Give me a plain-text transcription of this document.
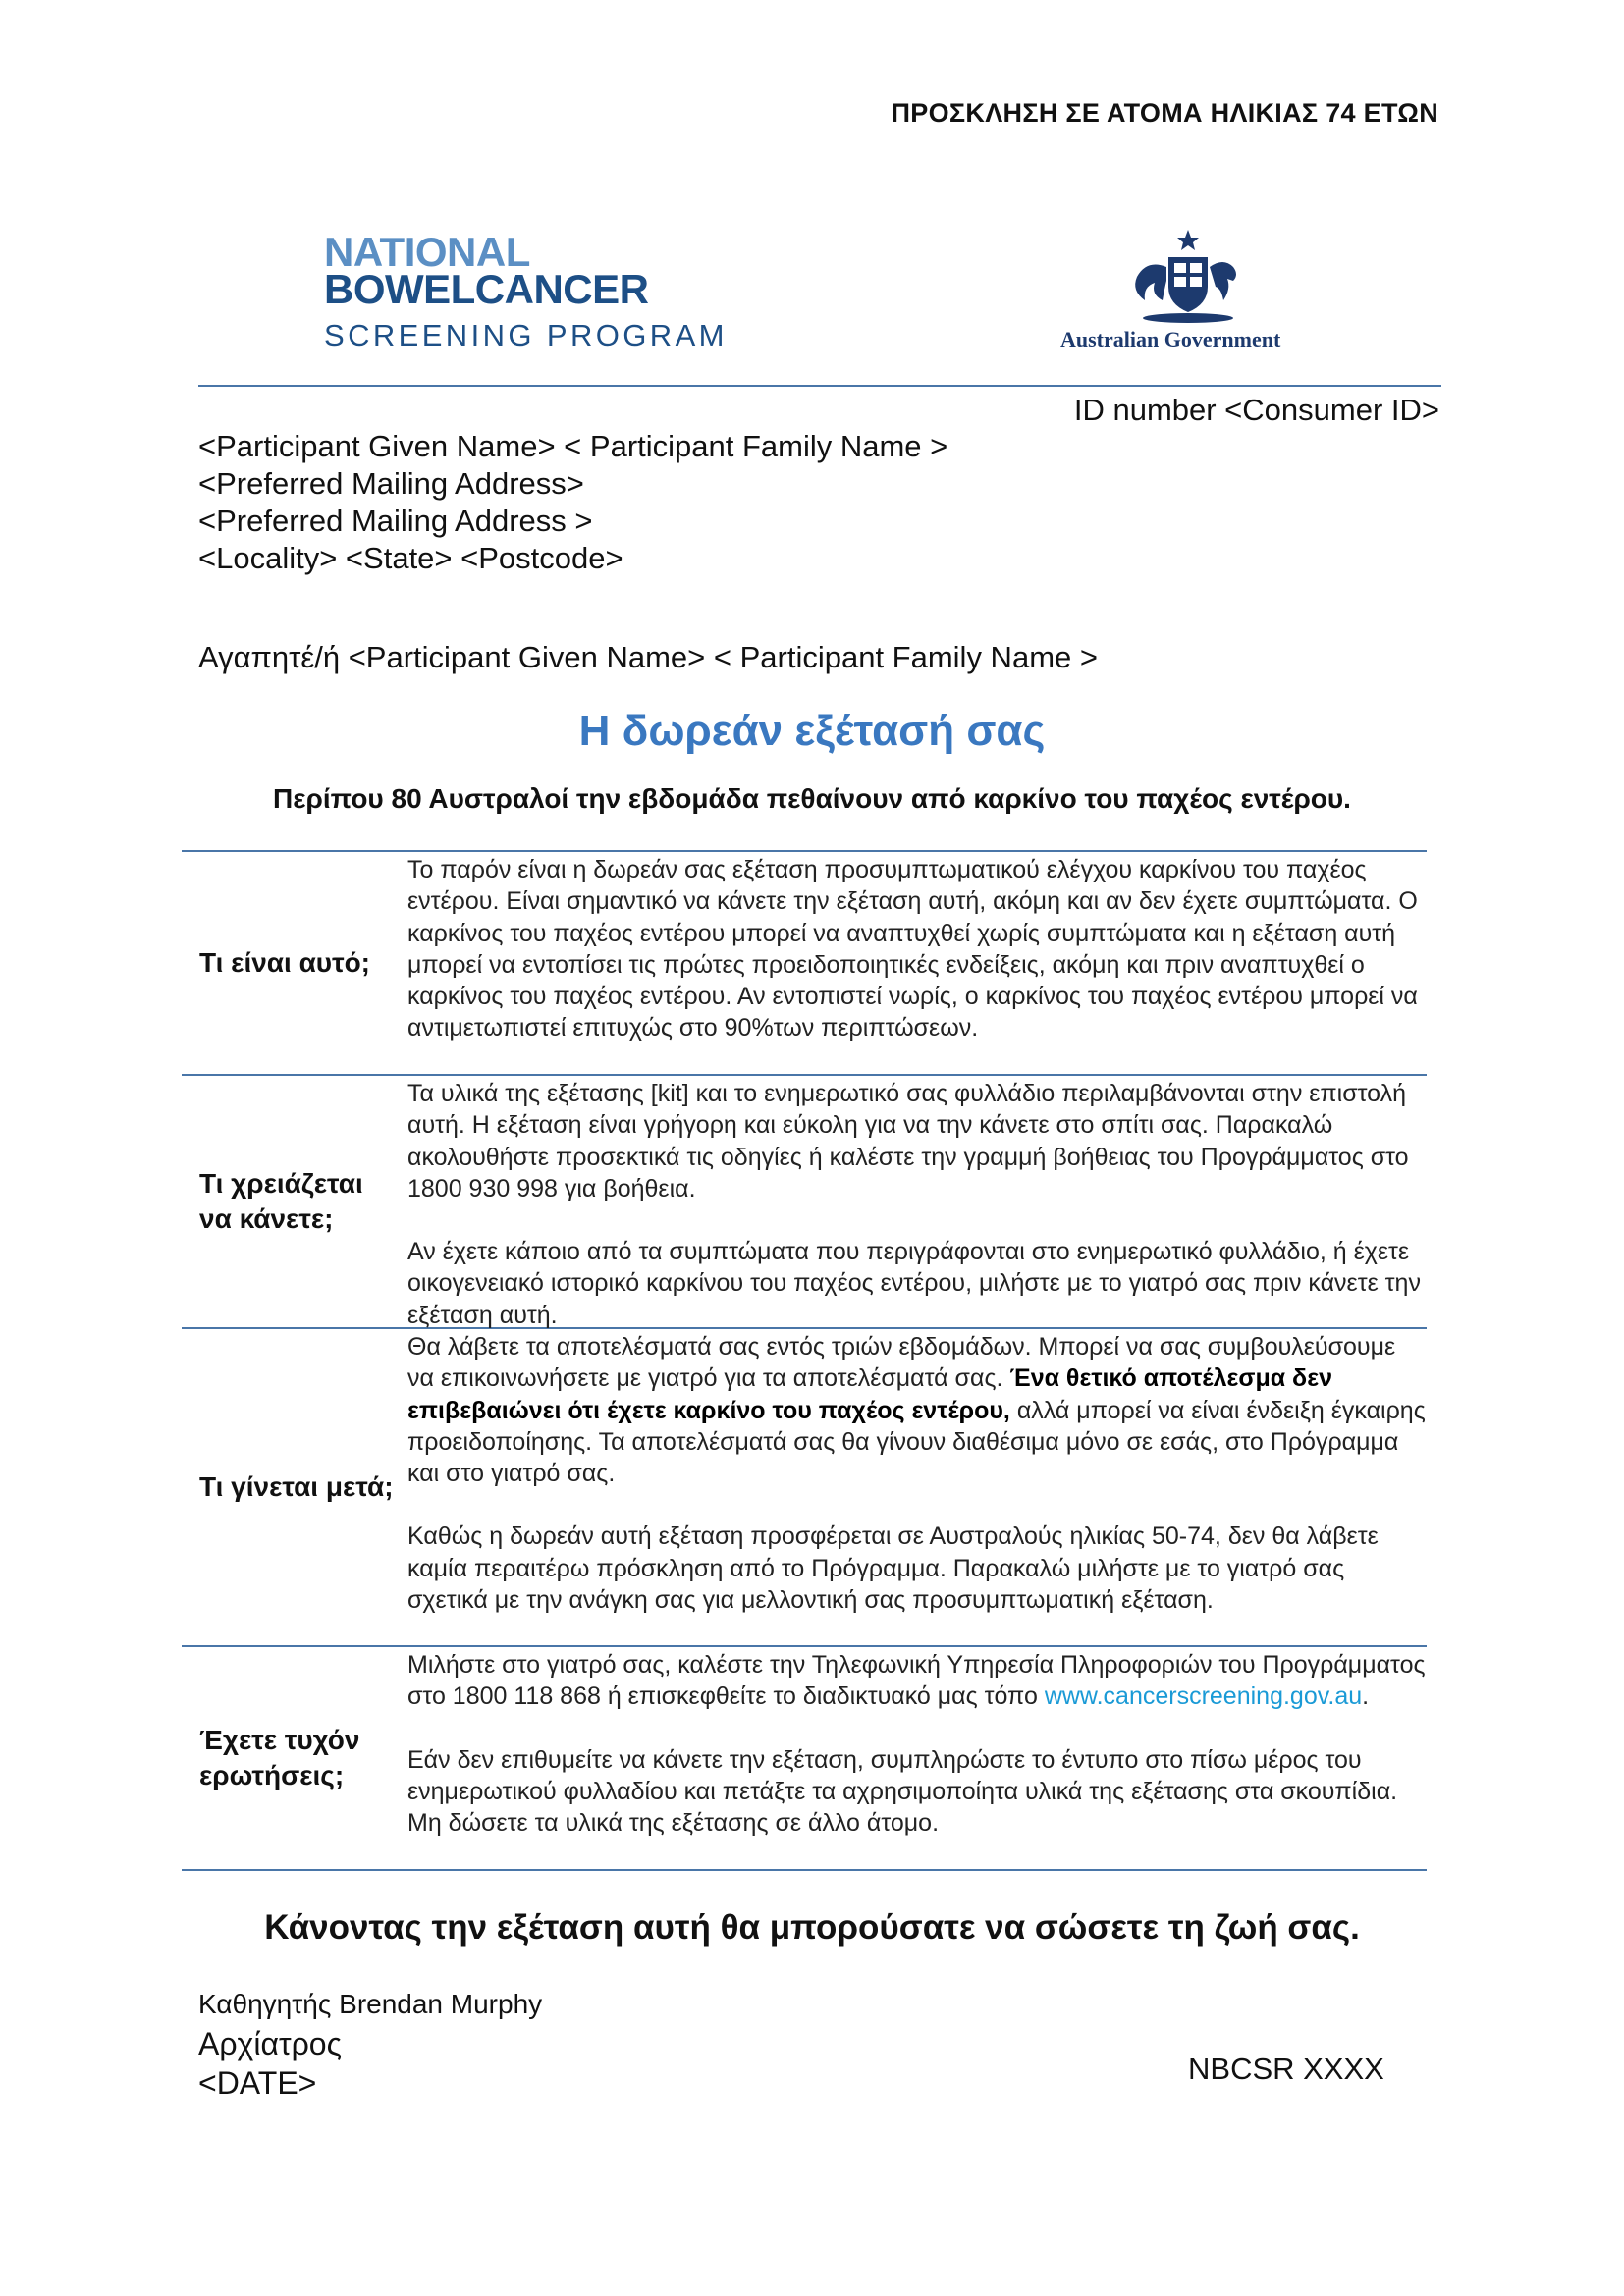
ΠΡΟΣΚΛΗΣΗ ΣΕ ΑΤΟΜΑ ΗΛΙΚΙΑΣ 74 ΕΤΩΝ
NATIONAL
BOWELCANCER
SCREENING PROGRAM	Australian Government
ID number <Consumer ID>
<Participant Given Name> < Participant Family Name >
<Preferred Mailing Address>
<Preferred Mailing Address >
<Locality> <State> <Postcode>
Αγαπητέ/ή <Participant Given Name> < Participant Family Name >
Η δωρεάν εξέτασή σας
Περίπου 80 Αυστραλοί την εβδομάδα πεθαίνουν από καρκίνο του παχέος εντέρου.
Τι είναι αυτό;

Το παρόν είναι η δωρεάν σας εξέταση προσυμπτωματικού ελέγχου καρκίνου του παχέος εντέρου. Είναι σημαντικό να κάνετε την εξέταση αυτή, ακόμη και αν δεν έχετε συμπτώματα. Ο καρκίνος του παχέος εντέρου μπορεί να αναπτυχθεί χωρίς συμπτώματα και η εξέταση αυτή μπορεί να εντοπίσει τις πρώτες προειδοποιητικές ενδείξεις, ακόμη και πριν αναπτυχθεί ο καρκίνος του παχέος εντέρου. Αν εντοπιστεί νωρίς, ο καρκίνος του παχέος εντέρου μπορεί να αντιμετωπιστεί επιτυχώς στο 90%των περιπτώσεων.

Τι χρειάζεται να κάνετε;

Τα υλικά της εξέτασης [kit] και το ενημερωτικό σας φυλλάδιο περιλαμβάνονται στην επιστολή αυτή. Η εξέταση είναι γρήγορη και εύκολη για να την κάνετε στο σπίτι σας. Παρακαλώ ακολουθήστε προσεκτικά τις οδηγίες ή καλέστε την γραμμή βοήθειας του Προγράμματος στο 1800 930 998 για βοήθεια.

Αν έχετε κάποιο από τα συμπτώματα που περιγράφονται στο ενημερωτικό φυλλάδιο, ή έχετε οικογενειακό ιστορικό καρκίνου του παχέος εντέρου, μιλήστε με το γιατρό σας πριν κάνετε την εξέταση αυτή.

Τι γίνεται μετά;

Θα λάβετε τα αποτελέσματά σας εντός τριών εβδομάδων. Μπορεί να σας συμβουλεύσουμε να επικοινωνήσετε με γιατρό για τα αποτελέσματά σας. Ένα θετικό αποτέλεσμα δεν επιβεβαιώνει ότι έχετε καρκίνο του παχέος εντέρου, αλλά μπορεί να είναι ένδειξη έγκαιρης προειδοποίησης. Τα αποτελέσματά σας θα γίνουν διαθέσιμα μόνο σε εσάς, στο Πρόγραμμα και στο γιατρό σας.

Καθώς η δωρεάν αυτή εξέταση προσφέρεται σε Αυστραλούς ηλικίας 50-74, δεν θα λάβετε καμία περαιτέρω πρόσκληση από το Πρόγραμμα. Παρακαλώ μιλήστε με το γιατρό σας σχετικά με την ανάγκη σας για μελλοντική σας προσυμπτωματική εξέταση.

Έχετε τυχόν ερωτήσεις;

Μιλήστε στο γιατρό σας, καλέστε την Τηλεφωνική Υπηρεσία Πληροφοριών του Προγράμματος στο 1800 118 868 ή επισκεφθείτε το διαδικτυακό μας τόπο www.cancerscreening.gov.au.

Εάν δεν επιθυμείτε να κάνετε την εξέταση, συμπληρώστε το έντυπο στο πίσω μέρος του ενημερωτικού φυλλαδίου και πετάξτε τα αχρησιμοποίητα υλικά της εξέτασης στα σκουπίδια. Μη δώσετε τα υλικά της εξέτασης σε άλλο άτομο.

Κάνοντας την εξέταση αυτή θα μπορούσατε να σώσετε τη ζωή σας.
Καθηγητής Brendan Murphy
Αρχίατρος
<DATE>	NBCSR XXXX
